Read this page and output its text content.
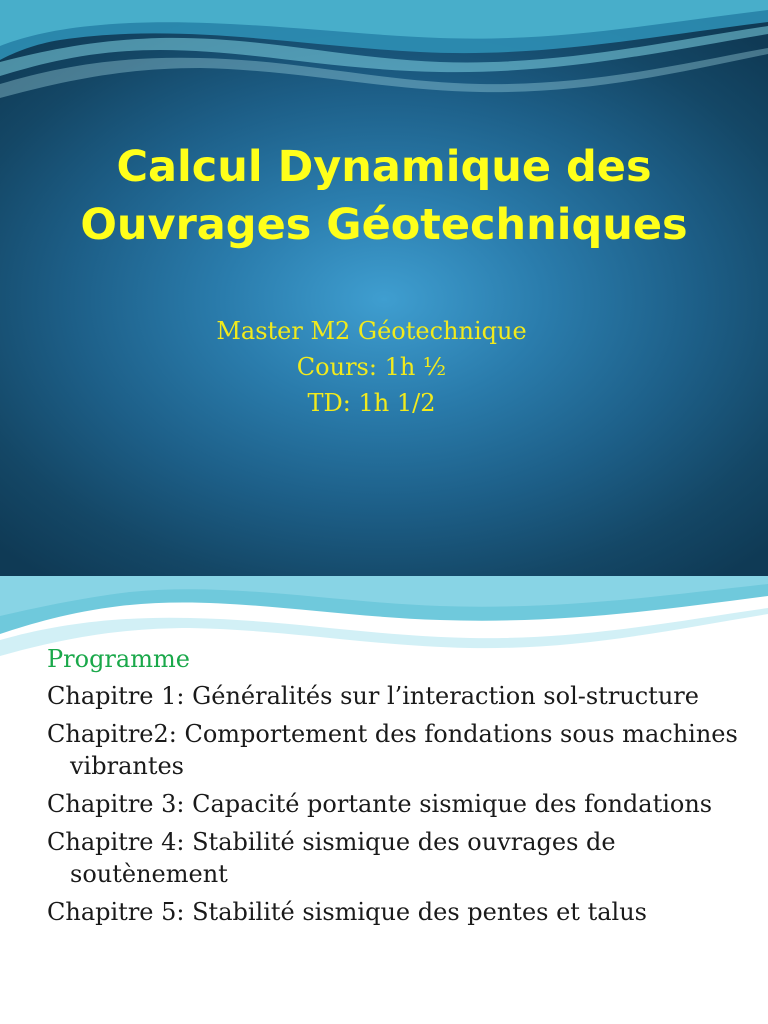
Calcul Dynamique des
Ouvrages Géotechniques
Master M2 Géotechnique
Cours: 1h ½
TD: 1h 1/2
Programme
Chapitre 1: Généralités sur l’interaction sol-structure
Chapitre2: Comportement des fondations sous machines vibrantes
Chapitre 3: Capacité portante sismique des fondations
Chapitre 4: Stabilité sismique des ouvrages de soutènement
Chapitre 5: Stabilité sismique des pentes et talus
